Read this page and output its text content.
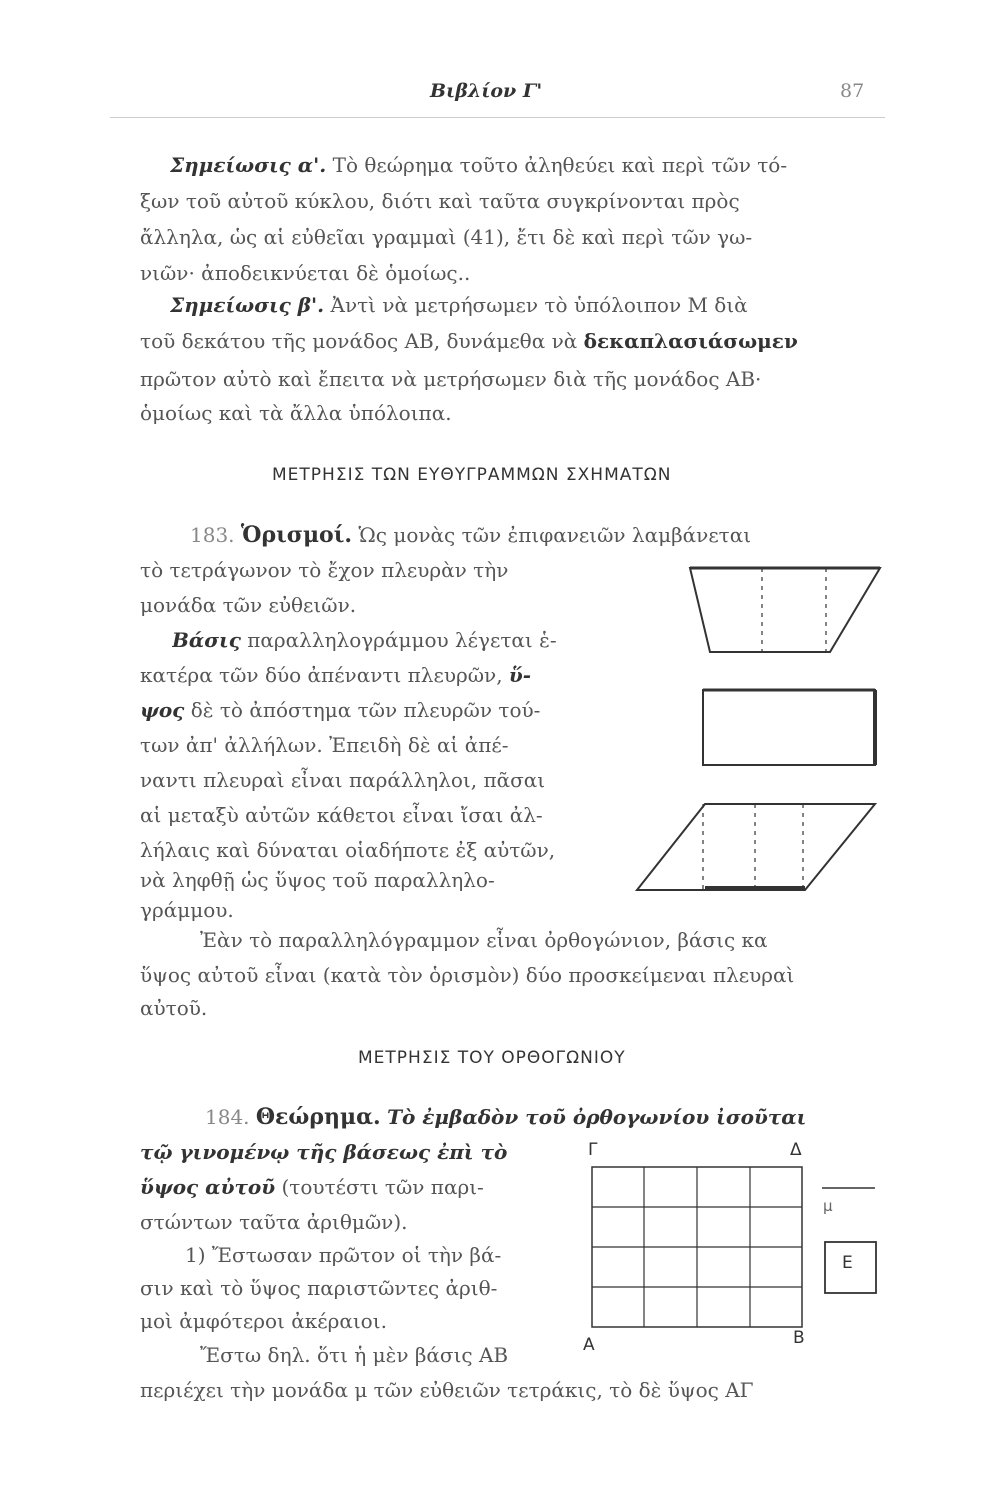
Βιβλίον Γ'	87
Σημείωσις α'. Τὸ θεώρημα τοῦτο ἀληθεύει καὶ περὶ τῶν τό-
ξων τοῦ αὐτοῦ κύκλου, διότι καὶ ταῦτα συγκρίνονται πρὸς
ἄλληλα, ὡς αἱ εὐθεῖαι γραμμαὶ (41), ἔτι δὲ καὶ περὶ τῶν γω-
νιῶν· ἀποδεικνύεται δὲ ὁμοίως..
Σημείωσις β'. Ἀντὶ νὰ μετρήσωμεν τὸ ὑπόλοιπον Μ διὰ
τοῦ δεκάτου τῆς μονάδος ΑΒ, δυνάμεθα νὰ δεκαπλασιάσωμεν
πρῶτον αὐτὸ καὶ ἔπειτα νὰ μετρήσωμεν διὰ τῆς μονάδος ΑΒ·
ὁμοίως καὶ τὰ ἄλλα ὑπόλοιπα.
ΜΕΤΡΗΣΙΣ ΤΩΝ ΕΥΘΥΓΡΑΜΜΩΝ ΣΧΗΜΑΤΩΝ
183. Ὁρισμοί. Ὡς μονὰς τῶν ἐπιφανειῶν λαμβάνεται
τὸ τετράγωνον τὸ ἔχον πλευρὰν τὴν
μονάδα τῶν εὐθειῶν.
Βάσις παραλληλογράμμου λέγεται ἑ-
κατέρα τῶν δύο ἀπέναντι πλευρῶν, ὕ-
ψος δὲ τὸ ἀπόστημα τῶν πλευρῶν τού-
των ἀπ' ἀλλήλων. Ἐπειδὴ δὲ αἱ ἀπέ-
ναντι πλευραὶ εἶναι παράλληλοι, πᾶσαι
αἱ μεταξὺ αὐτῶν κάθετοι εἶναι ἴσαι ἀλ-
λήλαις καὶ δύναται οἱαδήποτε ἐξ αὐτῶν,
νὰ ληφθῇ ὡς ὕψος τοῦ παραλληλο-
γράμμου.
Ἐὰν τὸ παραλληλόγραμμον εἶναι ὀρθογώνιον, βάσις κα
ὕψος αὐτοῦ εἶναι (κατὰ τὸν ὁρισμὸν) δύο προσκείμεναι πλευραὶ
αὐτοῦ.
ΜΕΤΡΗΣΙΣ ΤΟΥ ΟΡΘΟΓΩΝΙΟΥ
184. Θεώρημα. Τὸ ἐμβαδὸν τοῦ ὀρθογωνίου ἰσοῦται
τῷ γινομένῳ τῆς βάσεως ἐπὶ τὸ
ὕψος αὐτοῦ (τουτέστι τῶν παρι-
στώντων ταῦτα ἀριθμῶν).
1) Ἔστωσαν πρῶτον οἱ τὴν βά-
σιν καὶ τὸ ὕψος παριστῶντες ἀριθ-
μοὶ ἀμφότεροι ἀκέραιοι.
Ἔστω δηλ. ὅτι ἡ μὲν βάσις ΑΒ
περιέχει τὴν μονάδα μ τῶν εὐθειῶν τετράκις, τὸ δὲ ὕψος ΑΓ
Γ	Δ
Α	Β
μ
Ε
